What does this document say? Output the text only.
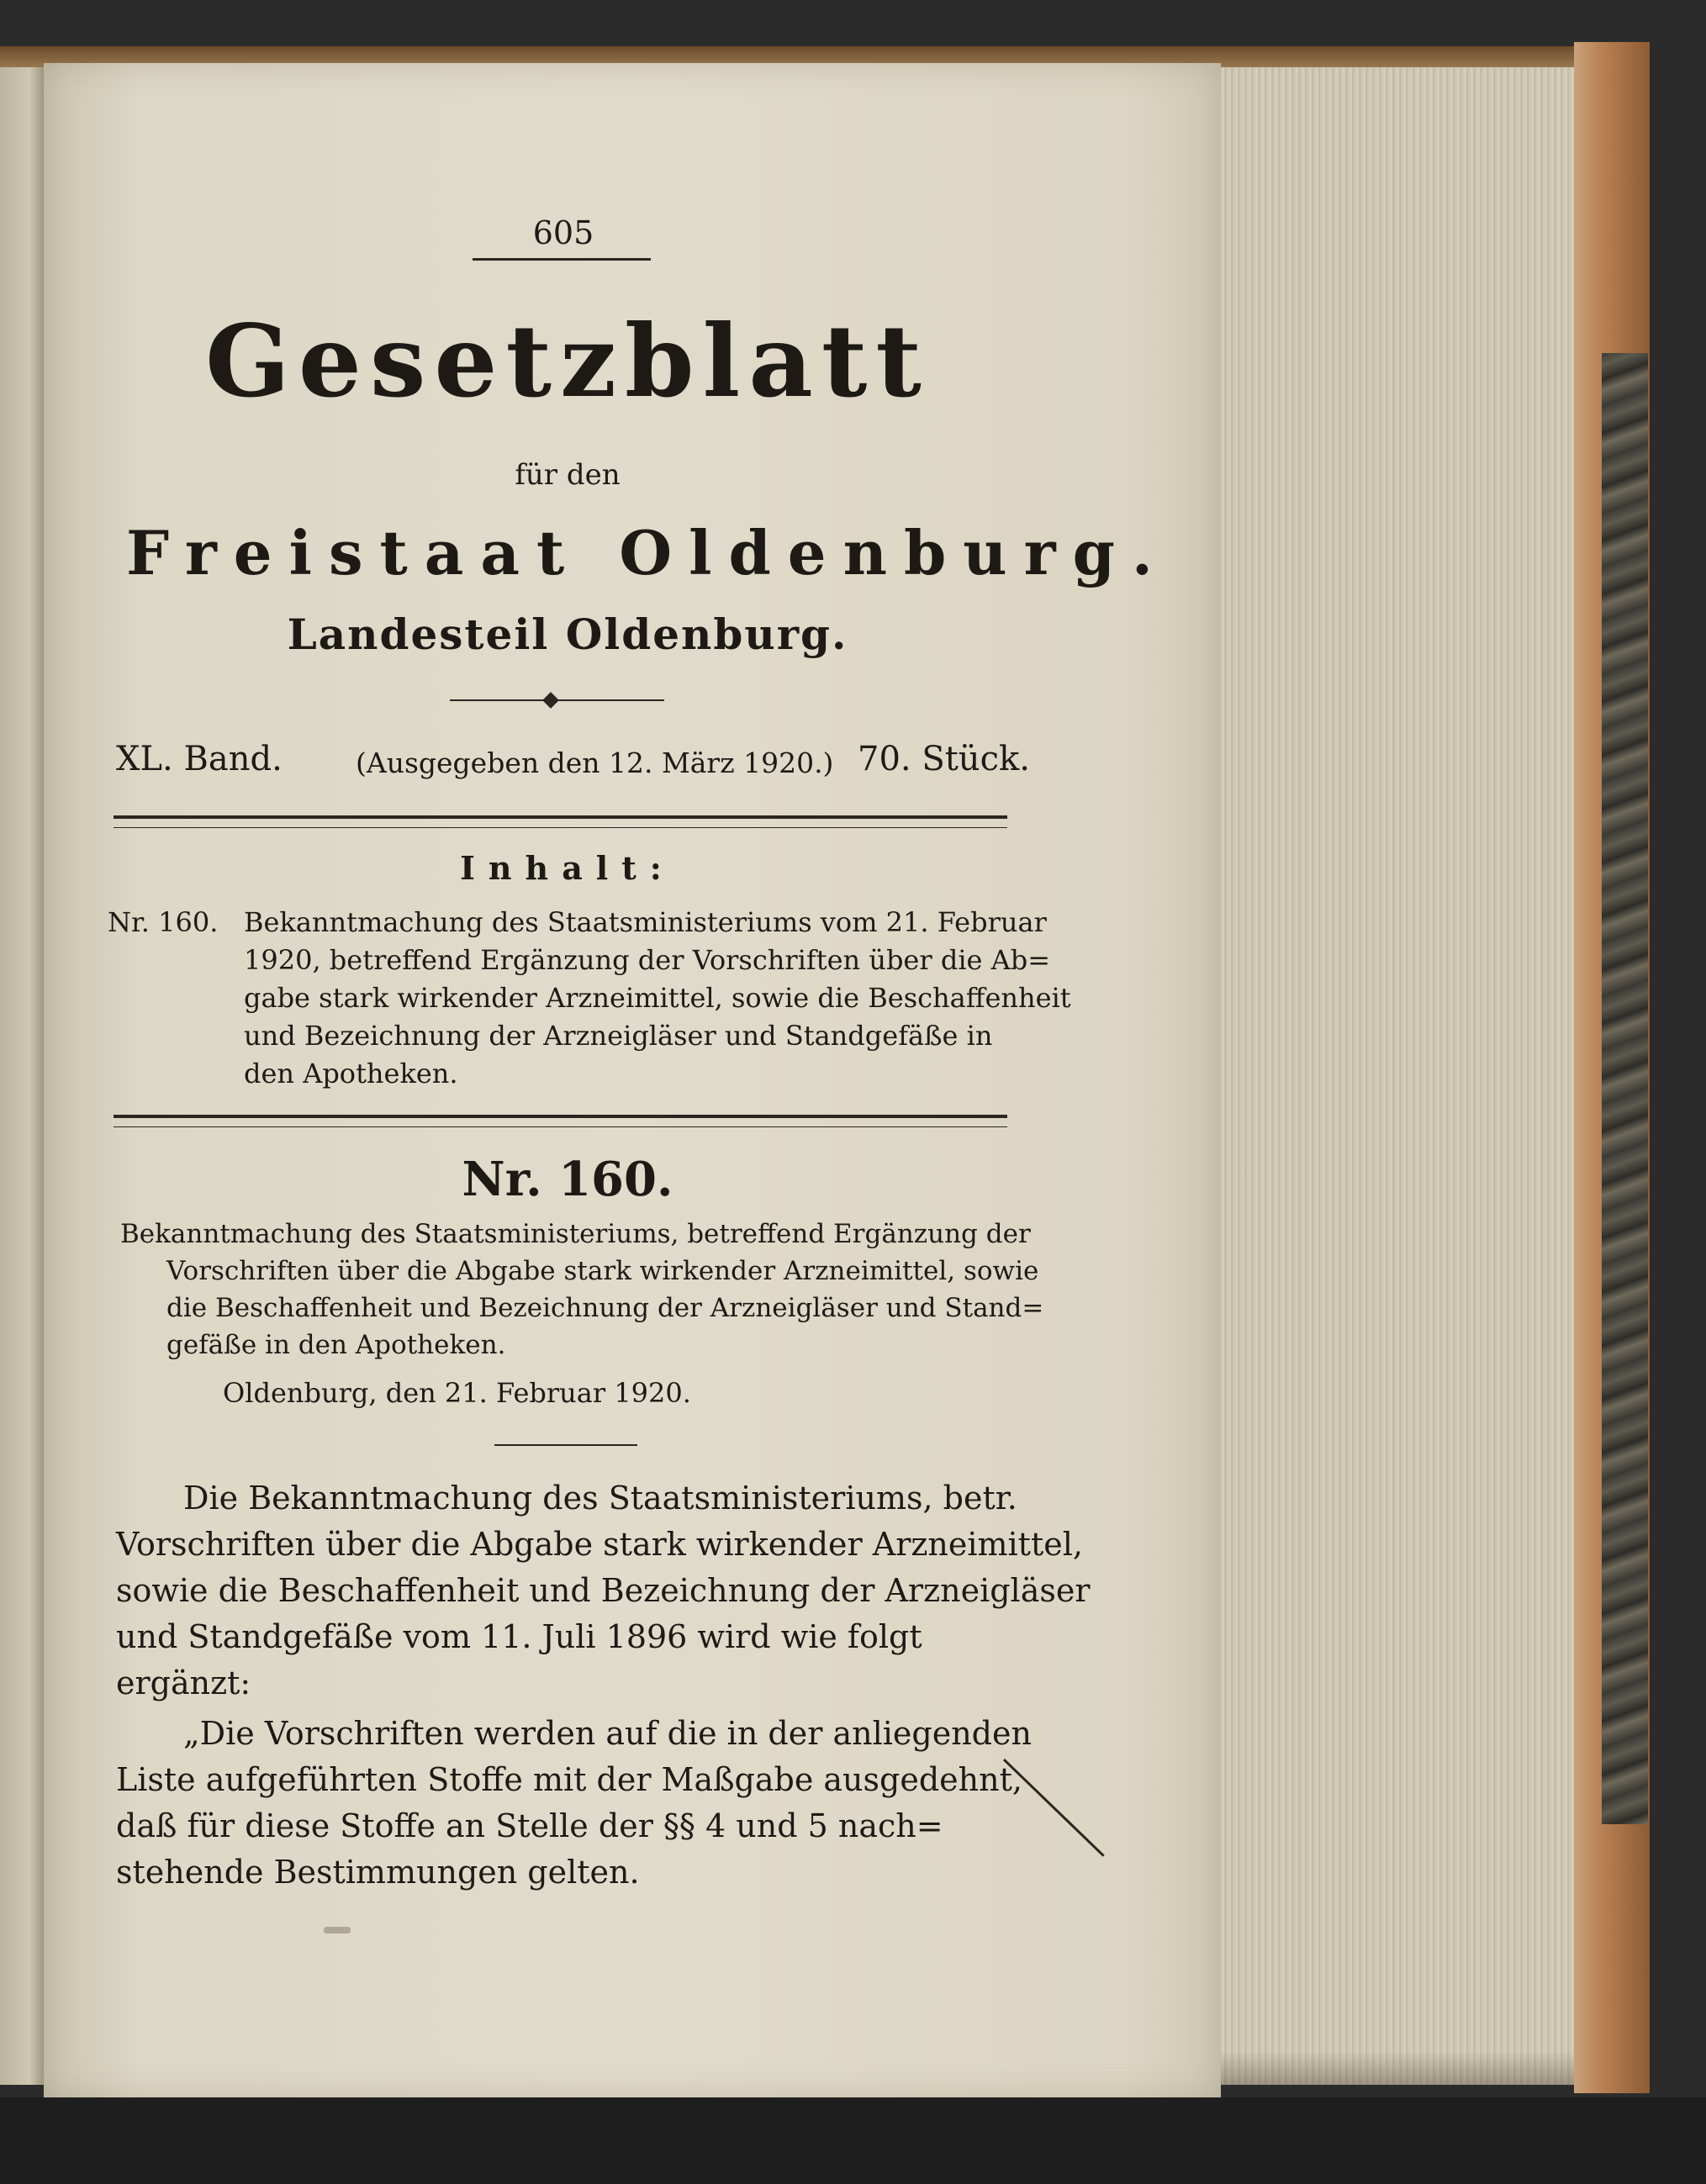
605
Gesetzblatt
für den
Freistaat Oldenburg.
Landesteil Oldenburg.
XL. Band.	(Ausgegeben den 12. März 1920.) 70. Stück.
Inhalt:
Nr. 160. Bekanntmachung des Staatsministeriums vom 21. Februar
1920, betreffend Ergänzung der Vorschriften über die Ab=
gabe stark wirkender Arzneimittel, sowie die Beschaffenheit
und Bezeichnung der Arzneigläser und Standgefäße in
den Apotheken.
Nr. 160.
Bekanntmachung des Staatsministeriums, betreffend Ergänzung der
Vorschriften über die Abgabe stark wirkender Arzneimittel, sowie
die Beschaffenheit und Bezeichnung der Arzneigläser und Stand=
gefäße in den Apotheken.
Oldenburg, den 21. Februar 1920.
Die Bekanntmachung des Staatsministeriums, betr.
Vorschriften über die Abgabe stark wirkender Arzneimittel,
sowie die Beschaffenheit und Bezeichnung der Arzneigläser
und Standgefäße vom 11. Juli 1896 wird wie folgt
ergänzt:
„Die Vorschriften werden auf die in der anliegenden
Liste aufgeführten Stoffe mit der Maßgabe ausgedehnt,
daß für diese Stoffe an Stelle der §§ 4 und 5 nach=
stehende Bestimmungen gelten.
